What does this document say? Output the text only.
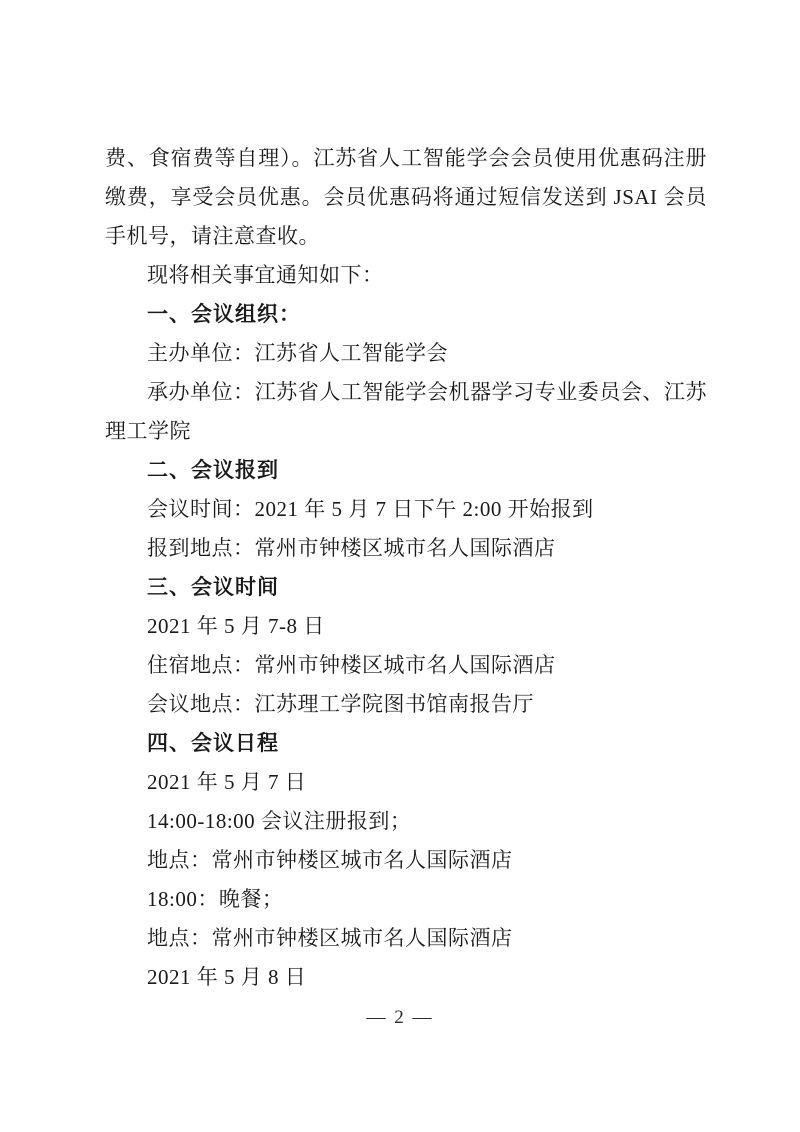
费、食宿费等自理）。江苏省人工智能学会会员使用优惠码注册缴费，享受会员优惠。会员优惠码将通过短信发送到 JSAI 会员手机号，请注意查收。

现将相关事宜通知如下：

一、会议组织：

主办单位：江苏省人工智能学会

承办单位：江苏省人工智能学会机器学习专业委员会、江苏理工学院

二、会议报到

会议时间：2021 年 5 月 7 日下午 2:00 开始报到

报到地点：常州市钟楼区城市名人国际酒店

三、会议时间

2021 年 5 月 7-8 日

住宿地点：常州市钟楼区城市名人国际酒店

会议地点：江苏理工学院图书馆南报告厅

四、会议日程

2021 年 5 月 7 日

14:00-18:00 会议注册报到；

地点：常州市钟楼区城市名人国际酒店

18:00：晚餐；

地点：常州市钟楼区城市名人国际酒店

2021 年 5 月 8 日

— 2 —
